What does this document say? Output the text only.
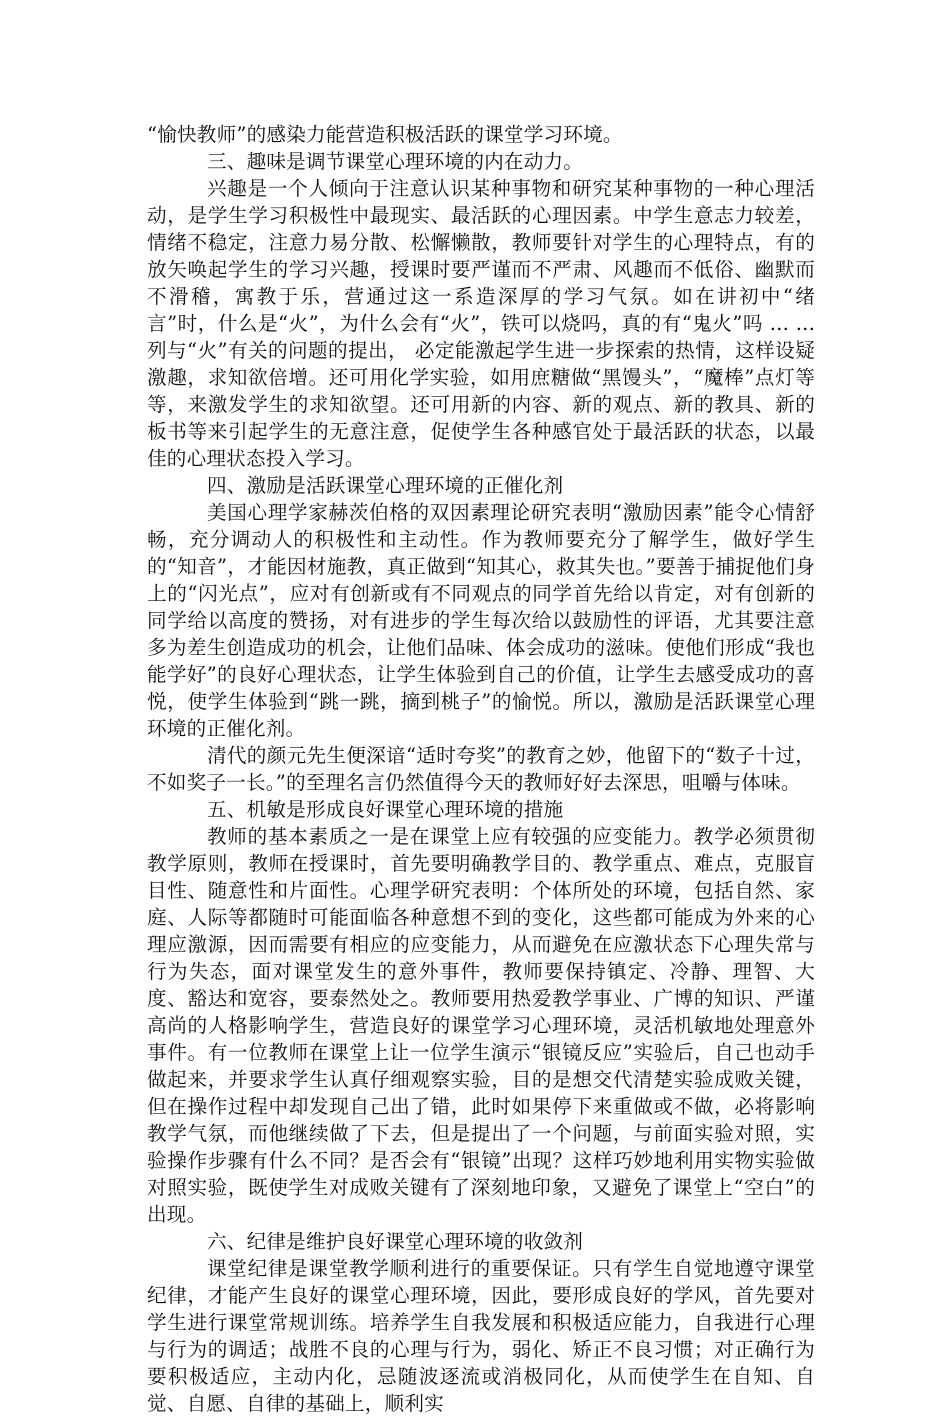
“愉快教师”的感染力能营造积极活跃的课堂学习环境。

三、趣味是调节课堂心理环境的内在动力。

兴趣是一个人倾向于注意认识某种事物和研究某种事物的一种心理活动，是学生学习积极性中最现实、最活跃的心理因素。中学生意志力较差，情绪不稳定，注意力易分散、松懈懒散，教师要针对学生的心理特点，有的放矢唤起学生的学习兴趣，授课时要严谨而不严肃、风趣而不低俗、幽默而不滑稽，寓教于乐，营通过这一系造深厚的学习气氛。如在讲初中“绪言”时，什么是“火”，为什么会有“火”，铁可以烧吗，真的有“鬼火”吗 ... ...列与“火”有关的问题的提出， 必定能激起学生进一步探索的热情，这样设疑激趣，求知欲倍增。还可用化学实验，如用庶糖做“黑馒头”，“魔棒”点灯等等，来激发学生的求知欲望。还可用新的内容、新的观点、新的教具、新的板书等来引起学生的无意注意，促使学生各种感官处于最活跃的状态，以最佳的心理状态投入学习。

四、激励是活跃课堂心理环境的正催化剂

美国心理学家赫茨伯格的双因素理论研究表明“激励因素”能令心情舒畅，充分调动人的积极性和主动性。作为教师要充分了解学生，做好学生的“知音”，才能因材施教，真正做到“知其心，救其失也。”要善于捕捉他们身上的“闪光点”，应对有创新或有不同观点的同学首先给以肯定，对有创新的同学给以高度的赞扬，对有进步的学生每次给以鼓励性的评语，尤其要注意多为差生创造成功的机会，让他们品味、体会成功的滋味。使他们形成“我也能学好”的良好心理状态，让学生体验到自己的价值，让学生去感受成功的喜悦，使学生体验到“跳一跳，摘到桃子”的愉悦。所以，激励是活跃课堂心理环境的正催化剂。

清代的颜元先生便深谙“适时夸奖”的教育之妙，他留下的“数子十过，不如奖子一长。”的至理名言仍然值得今天的教师好好去深思，咀嚼与体味。

五、机敏是形成良好课堂心理环境的措施

教师的基本素质之一是在课堂上应有较强的应变能力。教学必须贯彻教学原则，教师在授课时，首先要明确教学目的、教学重点、难点，克服盲目性、随意性和片面性。心理学研究表明：个体所处的环境，包括自然、家庭、人际等都随时可能面临各种意想不到的变化，这些都可能成为外来的心理应激源，因而需要有相应的应变能力，从而避免在应激状态下心理失常与行为失态，面对课堂发生的意外事件，教师要保持镇定、冷静、理智、大度、豁达和宽容，要泰然处之。教师要用热爱教学事业、广博的知识、严谨高尚的人格影响学生，营造良好的课堂学习心理环境，灵活机敏地处理意外事件。有一位教师在课堂上让一位学生演示“银镜反应”实验后，自己也动手做起来，并要求学生认真仔细观察实验，目的是想交代清楚实验成败关键，但在操作过程中却发现自己出了错，此时如果停下来重做或不做，必将影响教学气氛，而他继续做了下去，但是提出了一个问题，与前面实验对照，实验操作步骤有什么不同？是否会有“银镜”出现？这样巧妙地利用实物实验做对照实验，既使学生对成败关键有了深刻地印象，又避免了课堂上“空白”的出现。

六、纪律是维护良好课堂心理环境的收敛剂

课堂纪律是课堂教学顺利进行的重要保证。只有学生自觉地遵守课堂纪律，才能产生良好的课堂心理环境，因此，要形成良好的学风，首先要对学生进行课堂常规训练。培养学生自我发展和积极适应能力，自我进行心理与行为的调适；战胜不良的心理与行为，弱化、矫正不良习惯；对正确行为要积极适应，主动内化，忌随波逐流或消极同化，从而使学生在自知、自觉、自愿、自律的基础上，顺利实
